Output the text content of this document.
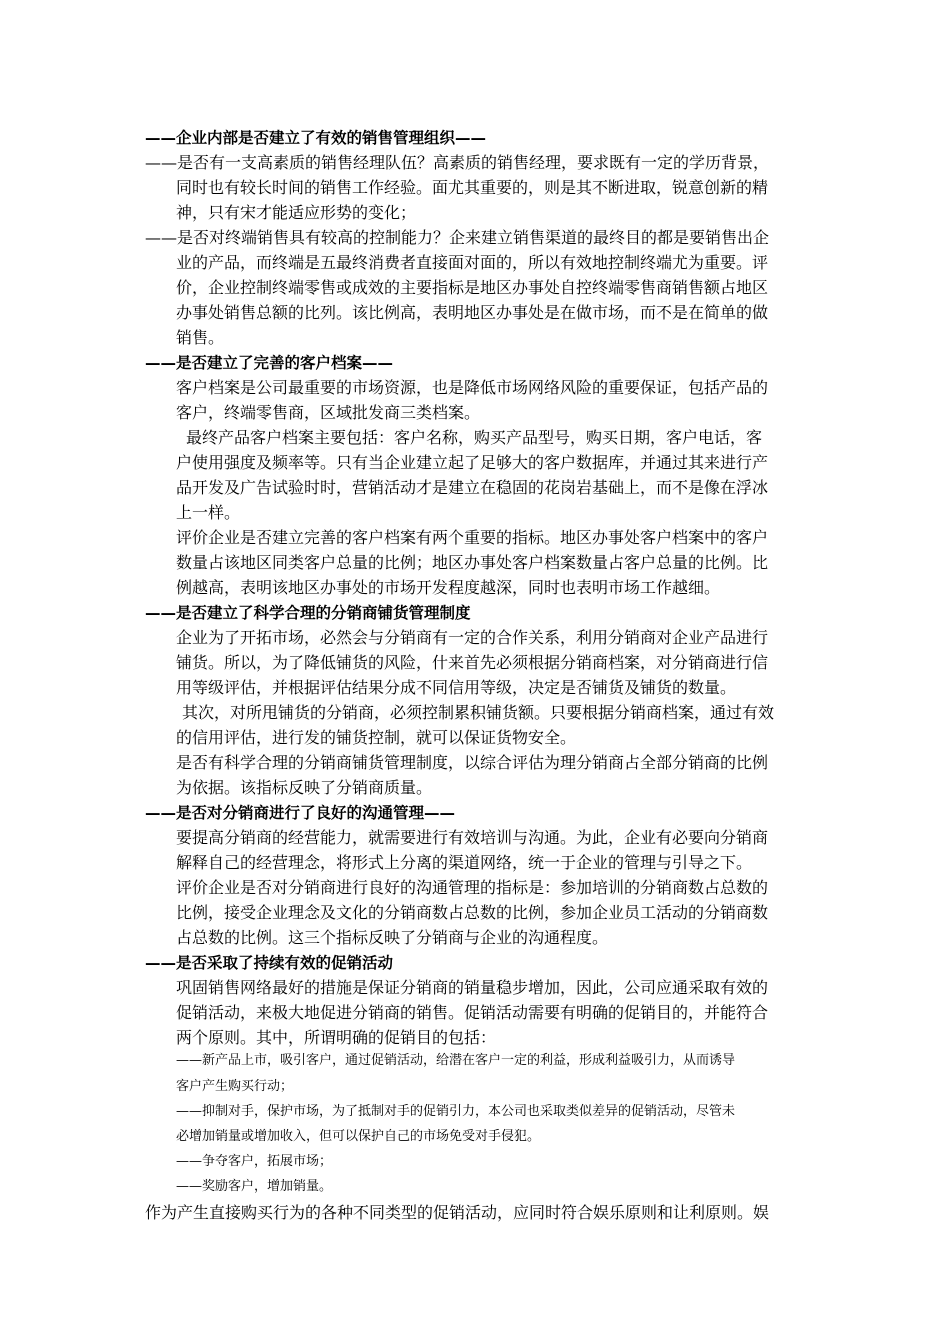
——企业内部是否建立了有效的销售管理组织——
——是否有一支高素质的销售经理队伍？高素质的销售经理，要求既有一定的学历背景，
同时也有较长时间的销售工作经验。面尤其重要的，则是其不断进取，锐意创新的精
神，只有宋才能适应形势的变化；
——是否对终端销售具有较高的控制能力？企来建立销售渠道的最终目的都是要销售出企
业的产品，而终端是五最终消费者直接面对面的，所以有效地控制终端尤为重要。评
价，企业控制终端零售或成效的主要指标是地区办事处自控终端零售商销售额占地区
办事处销售总额的比列。该比例高，表明地区办事处是在做市场，而不是在简单的做
销售。
——是否建立了完善的客户档案——
客户档案是公司最重要的市场资源，也是降低市场网络风险的重要保证，包括产品的
客户，终端零售商，区域批发商三类档案。
最终产品客户档案主要包括：客户名称，购买产品型号，购买日期，客户电话，客
户使用强度及频率等。只有当企业建立起了足够大的客户数据库，并通过其来进行产
品开发及广告试验时时，营销活动才是建立在稳固的花岗岩基础上，而不是像在浮冰
上一样。
评价企业是否建立完善的客户档案有两个重要的指标。地区办事处客户档案中的客户
数量占该地区同类客户总量的比例；地区办事处客户档案数量占客户总量的比例。比
例越高，表明该地区办事处的市场开发程度越深，同时也表明市场工作越细。
——是否建立了科学合理的分销商铺货管理制度
企业为了开拓市场，必然会与分销商有一定的合作关系，利用分销商对企业产品进行
铺货。所以，为了降低铺货的风险，什来首先必须根据分销商档案，对分销商进行信
用等级评估，并根据评估结果分成不同信用等级，决定是否铺货及铺货的数量。
其次，对所甩铺货的分销商，必须控制累积铺货额。只要根据分销商档案，通过有效
的信用评估，进行发的铺货控制，就可以保证货物安全。
是否有科学合理的分销商铺货管理制度，以综合评估为理分销商占全部分销商的比例
为依据。该指标反映了分销商质量。
——是否对分销商进行了良好的沟通管理——
要提高分销商的经营能力，就需要进行有效培训与沟通。为此，企业有必要向分销商
解释自己的经营理念，将形式上分离的渠道网络，统一于企业的管理与引导之下。
评价企业是否对分销商进行良好的沟通管理的指标是：参加培训的分销商数占总数的
比例，接受企业理念及文化的分销商数占总数的比例，参加企业员工活动的分销商数
占总数的比例。这三个指标反映了分销商与企业的沟通程度。
——是否采取了持续有效的促销活动
巩固销售网络最好的措施是保证分销商的销量稳步增加，因此，公司应通采取有效的
促销活动，来极大地促进分销商的销售。促销活动需要有明确的促销目的，并能符合
两个原则。其中，所谓明确的促销目的包括：
——新产品上市，吸引客户，通过促销活动，给潜在客户一定的利益，形成利益吸引力，从而诱导
客户产生购买行动；
——抑制对手，保护市场，为了抵制对手的促销引力，本公司也采取类似差异的促销活动，尽管未
必增加销量或增加收入，但可以保护自己的市场免受对手侵犯。
——争夺客户，拓展市场；
——奖励客户，增加销量。
作为产生直接购买行为的各种不同类型的促销活动，应同时符合娱乐原则和让利原则。娱
